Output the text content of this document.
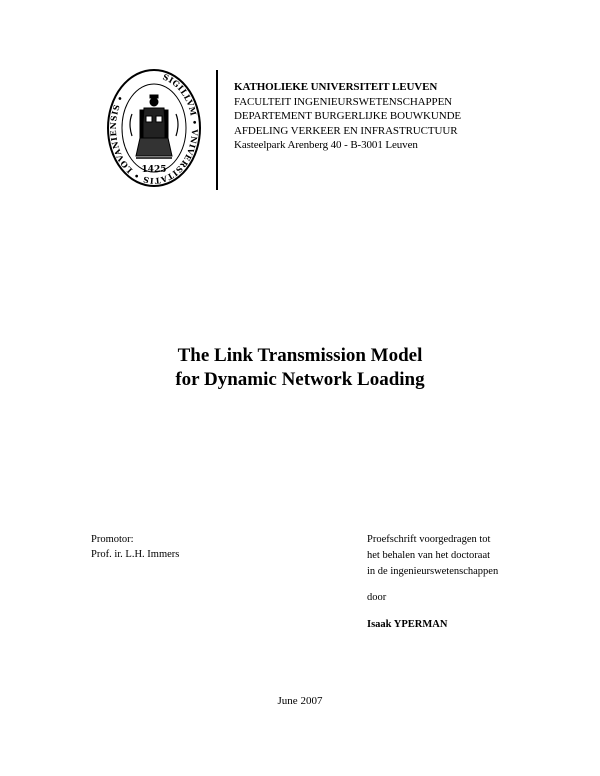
SIGILLVM • VNIVERSITATIS • LOVANIENSIS •
1425
KATHOLIEKE UNIVERSITEIT LEUVEN
FACULTEIT INGENIEURSWETENSCHAPPEN
DEPARTEMENT BURGERLIJKE BOUWKUNDE
AFDELING VERKEER EN INFRASTRUCTUUR
Kasteelpark Arenberg 40 - B-3001 Leuven
The Link Transmission Model
for Dynamic Network Loading
Promotor:
Prof. ir. L.H. Immers
Proefschrift voorgedragen tot
het behalen van het doctoraat
in de ingenieurswetenschappen
door
Isaak YPERMAN
June 2007
